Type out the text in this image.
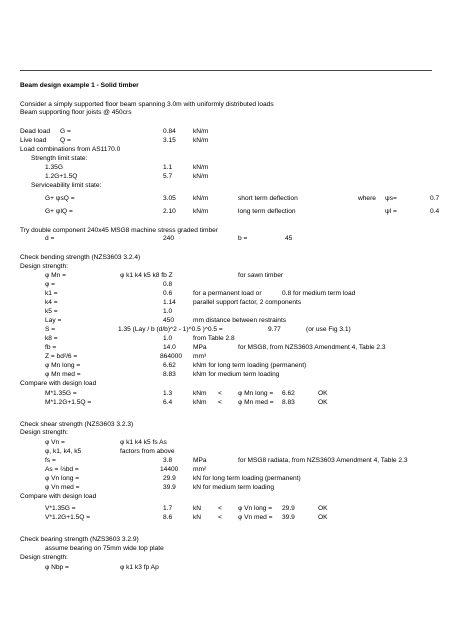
Beam design example 1 - Solid timber
Consider a simply supported floor beam spanning 3.0m with uniformly distributed loads
Beam supporting floor joists @ 450crs
Dead load G =	0.84	kN/m
Live load Q =	3.15	kN/m
Load combinations from AS1170.0
Strength limit state:
1.35G	1.1	kN/m
1.2G+1.5Q	5.7	kN/m
Serviceability limit state:
G+ ψsQ =	3.05	kN/m	short term deflection	where ψs=	0.7
G+ ψlQ =	2.10	kN/m	long term deflection	ψl =	0.4
Try double component 240x45 MSG8 machine stress graded timber
d =	240	b =	45
Check bending strength (NZS3603 3.2.4)
Design strength:
φ Mn =	φ k1 k4 k5 k8 fb Z	for sawn timber
φ =	0.8
k1 =	0.6	for a permanent load or	0.8 for medium term load
k4 =	1.14	parallel support factor, 2 components
k5 =	1.0
Lay =	450	mm distance between restraints
S =	1.35 (Lay / b (d/b)^2 - 1)^0.5 )^0.5 =	9.77	(or use Fig 3.1)
k8 =	1.0	from Table 2.8
fb =	14.0	MPa	for MSG8, from NZS3603 Amendment 4, Table 2.3
Z = bd²/6 =	864000 mm³
φ Mn long =	6.62	kNm for long term loading (permanent)
φ Mn med =	8.83	kNm for medium term loading
Compare with design load
M*1.35G =	1.3	kNm < φ Mn long = 6.62	OK
M*1.2G+1.5Q =	6.4	kNm < φ Mn med = 8.83	OK
Check shear strength (NZS3603 3.2.3)
Design strength:
φ Vn =	φ k1 k4 k5 fs As
φ, k1, k4, k5	factors from above
fs =	3.8	MPa	for MSG8 radiata, from NZS3603 Amendment 4, Table 2.3
As = ⅔bd =	14400 mm²
φ Vn long =	29.9	kN for long term loading (permanent)
φ Vn med =	39.9	kN for medium term loading
Compare with design load
V*1.35G =	1.7	kN	< φ Vn long = 29.9	OK
V*1.2G+1.5Q =	8.6	kN	< φ Vn med = 39.9	OK
Check bearing strength (NZS3603 3.2.9)
assume bearing on 75mm wide top plate
Design strength:
φ Nbp =	φ k1 k3 fp Ap
